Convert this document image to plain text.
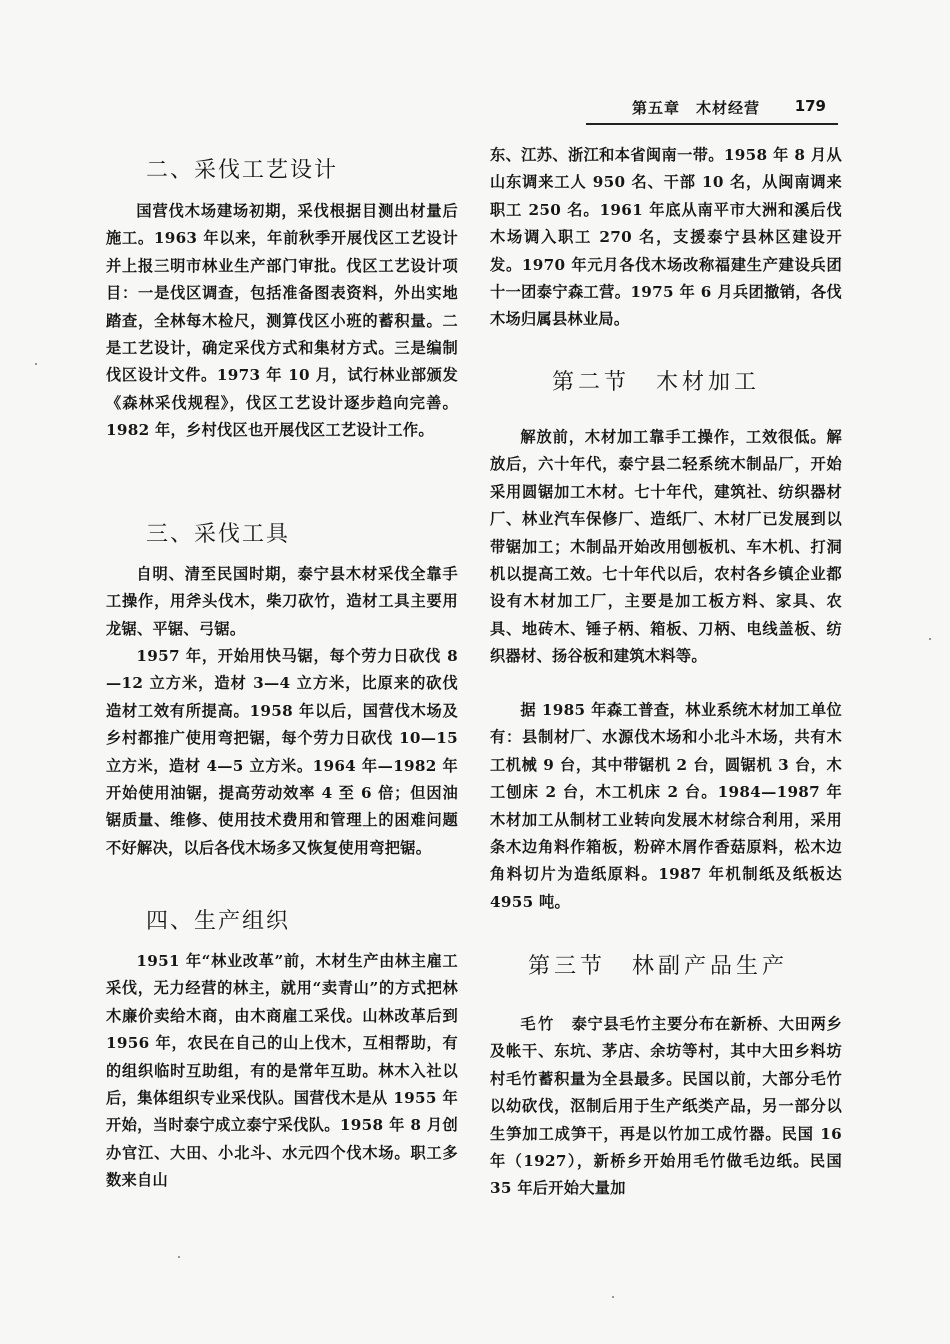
第五章　木材经营 179
二、采伐工艺设计

国营伐木场建场初期，采伐根据目测出材量后施工。1963 年以来，年前秋季开展伐区工艺设计并上报三明市林业生产部门审批。伐区工艺设计项目：一是伐区调查，包括准备图表资料，外出实地踏查，全林每木检尺，测算伐区小班的蓄积量。二是工艺设计，确定采伐方式和集材方式。三是编制伐区设计文件。1973 年 10 月，试行林业部颁发《森林采伐规程》，伐区工艺设计逐步趋向完善。1982 年，乡村伐区也开展伐区工艺设计工作。

三、采伐工具

自明、清至民国时期，泰宁县木材采伐全靠手工操作，用斧头伐木，柴刀砍竹，造材工具主要用龙锯、平锯、弓锯。

1957 年，开始用快马锯，每个劳力日砍伐 8—12 立方米，造材 3—4 立方米，比原来的砍伐造材工效有所提高。1958 年以后，国营伐木场及乡村都推广使用弯把锯，每个劳力日砍伐 10—15 立方米，造材 4—5 立方米。1964 年—1982 年开始使用油锯，提高劳动效率 4 至 6 倍；但因油锯质量、维修、使用技术费用和管理上的困难问题不好解决，以后各伐木场多又恢复使用弯把锯。

四、生产组织

1951 年“林业改革”前，木材生产由林主雇工采伐，无力经营的林主，就用“卖青山”的方式把林木廉价卖给木商，由木商雇工采伐。山林改革后到 1956 年，农民在自己的山上伐木，互相帮助，有的组织临时互助组，有的是常年互助。林木入社以后，集体组织专业采伐队。国营伐木是从 1955 年开始，当时泰宁成立泰宁采伐队。1958 年 8 月创办官江、大田、小北斗、水元四个伐木场。职工多数来自山

东、江苏、浙江和本省闽南一带。1958 年 8 月从山东调来工人 950 名、干部 10 名，从闽南调来职工 250 名。1961 年底从南平市大洲和溪后伐木场调入职工 270 名，支援泰宁县林区建设开发。1970 年元月各伐木场改称福建生产建设兵团十一团泰宁森工营。1975 年 6 月兵团撤销，各伐木场归属县林业局。

第二节　木材加工

解放前，木材加工靠手工操作，工效很低。解放后，六十年代，泰宁县二轻系统木制品厂，开始采用圆锯加工木材。七十年代，建筑社、纺织器材厂、林业汽车保修厂、造纸厂、木材厂已发展到以带锯加工；木制品开始改用刨板机、车木机、打洞机以提高工效。七十年代以后，农村各乡镇企业都设有木材加工厂，主要是加工板方料、家具、农具、地砖木、锤子柄、箱板、刀柄、电线盖板、纺织器材、扬谷板和建筑木料等。

据 1985 年森工普查，林业系统木材加工单位有：县制材厂、水源伐木场和小北斗木场，共有木工机械 9 台，其中带锯机 2 台，圆锯机 3 台，木工刨床 2 台，木工机床 2 台。1984—1987 年木材加工从制材工业转向发展木材综合利用，采用条木边角料作箱板，粉碎木屑作香菇原料，松木边角料切片为造纸原料。1987 年机制纸及纸板达 4955 吨。

第三节　林副产品生产

毛竹　 泰宁县毛竹主要分布在新桥、大田两乡及帐干、东坑、茅店、余坊等村，其中大田乡料坊村毛竹蓄积量为全县最多。民国以前，大部分毛竹以幼砍伐，沤制后用于生产纸类产品，另一部分以生笋加工成笋干，再是以竹加工成竹器。民国 16 年（1927），新桥乡开始用毛竹做毛边纸。民国 35 年后开始大量加
